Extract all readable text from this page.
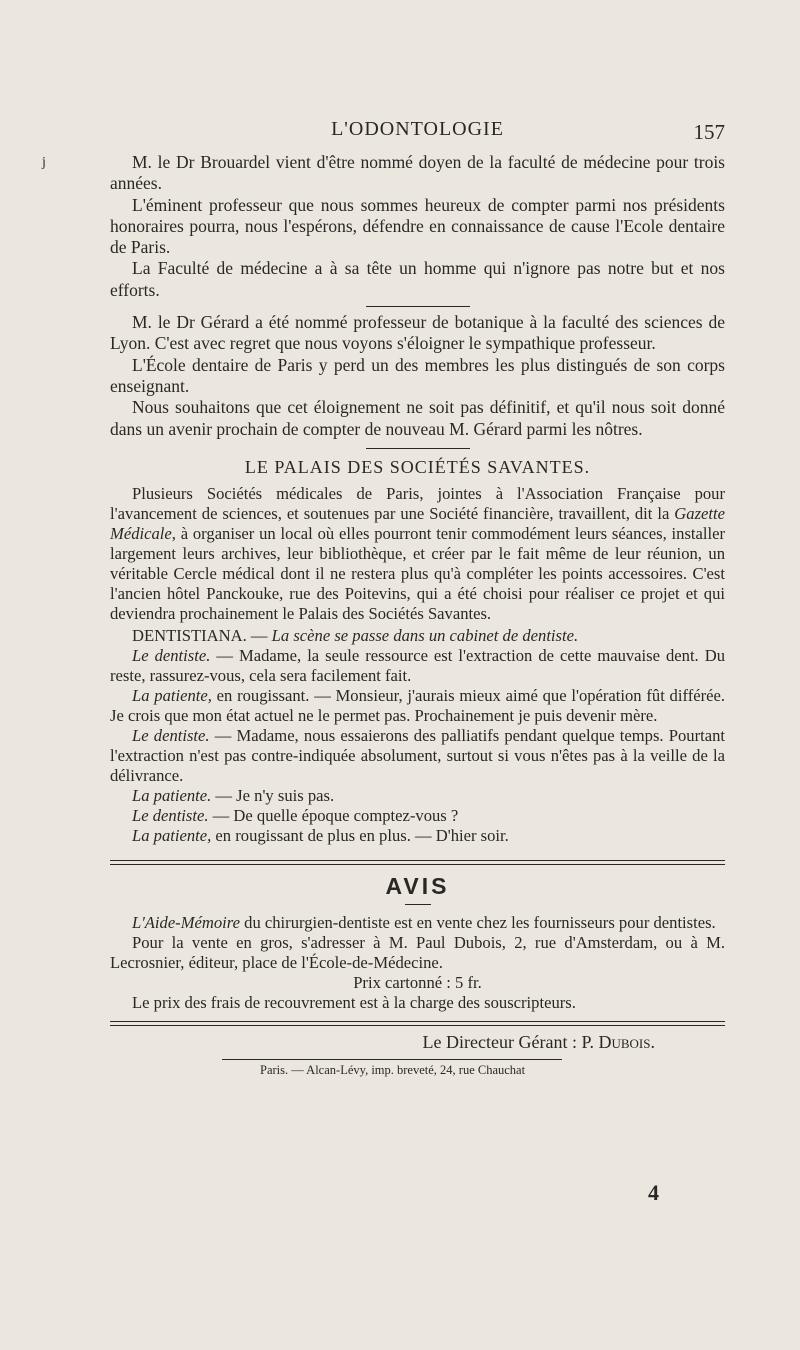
j
L'ODONTOLOGIE	157

M. le Dr Brouardel vient d'être nommé doyen de la faculté de médecine pour trois années.

L'éminent professeur que nous sommes heureux de compter parmi nos présidents honoraires pourra, nous l'espérons, défendre en connaissance de cause l'Ecole dentaire de Paris.

La Faculté de médecine a à sa tête un homme qui n'ignore pas notre but et nos efforts.

M. le Dr Gérard a été nommé professeur de botanique à la faculté des sciences de Lyon. C'est avec regret que nous voyons s'éloigner le sympathique professeur.

L'École dentaire de Paris y perd un des membres les plus distingués de son corps enseignant.

Nous souhaitons que cet éloignement ne soit pas définitif, et qu'il nous soit donné dans un avenir prochain de compter de nouveau M. Gérard parmi les nôtres.

LE PALAIS DES SOCIÉTÉS SAVANTES.

Plusieurs Sociétés médicales de Paris, jointes à l'Association Française pour l'avancement de sciences, et soutenues par une Société financière, travaillent, dit la Gazette Médicale, à organiser un local où elles pourront tenir commodément leurs séances, installer largement leurs archives, leur bibliothèque, et créer par le fait même de leur réunion, un véritable Cercle médical dont il ne restera plus qu'à compléter les points accessoires. C'est l'ancien hôtel Panckouke, rue des Poitevins, qui a été choisi pour réaliser ce projet et qui deviendra prochainement le Palais des Sociétés Savantes.

DENTISTIANA. — La scène se passe dans un cabinet de dentiste.

Le dentiste. — Madame, la seule ressource est l'extraction de cette mauvaise dent. Du reste, rassurez-vous, cela sera facilement fait.

La patiente, en rougissant. — Monsieur, j'aurais mieux aimé que l'opération fût différée. Je crois que mon état actuel ne le permet pas. Prochainement je puis devenir mère.

Le dentiste. — Madame, nous essaierons des palliatifs pendant quelque temps. Pourtant l'extraction n'est pas contre-indiquée absolument, surtout si vous n'êtes pas à la veille de la délivrance.

La patiente. — Je n'y suis pas.

Le dentiste. — De quelle époque comptez-vous ?

La patiente, en rougissant de plus en plus. — D'hier soir.

AVIS

L'Aide-Mémoire du chirurgien-dentiste est en vente chez les fournisseurs pour dentistes.

Pour la vente en gros, s'adresser à M. Paul Dubois, 2, rue d'Amsterdam, ou à M. Lecrosnier, éditeur, place de l'École-de-Médecine.

Prix cartonné : 5 fr.

Le prix des frais de recouvrement est à la charge des souscripteurs.

Le Directeur Gérant : P. Dubois.
Paris. — Alcan-Lévy, imp. breveté, 24, rue Chauchat
4
